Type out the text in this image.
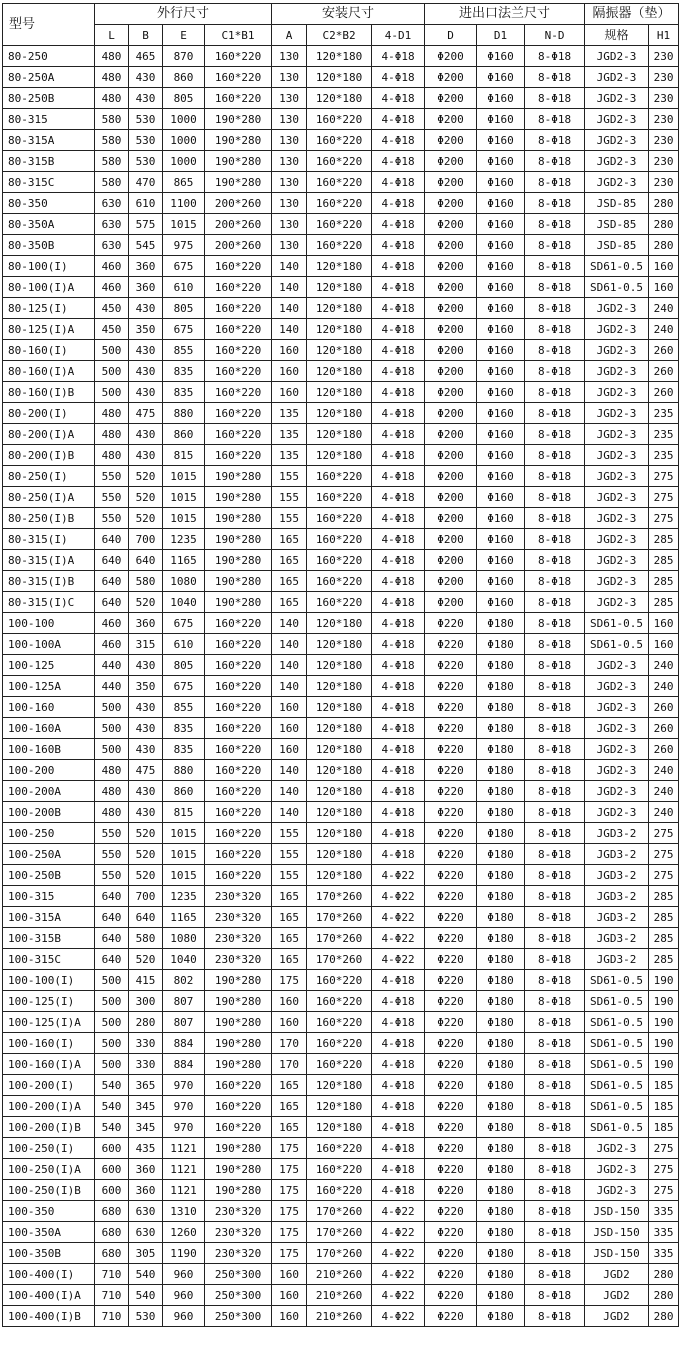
型号	外行尺寸				安装尺寸			进出口法兰尺寸			隔振器（垫）	
	L	B	E	C1*B1	A	C2*B2	4-D1	D	D1	N-D	规格	H1
80-250	480	465	870	160*220	130	120*180	4-Φ18	Φ200	Φ160	8-Φ18	JGD2-3	230
80-250A	480	430	860	160*220	130	120*180	4-Φ18	Φ200	Φ160	8-Φ18	JGD2-3	230
80-250B	480	430	805	160*220	130	120*180	4-Φ18	Φ200	Φ160	8-Φ18	JGD2-3	230
80-315	580	530	1000	190*280	130	160*220	4-Φ18	Φ200	Φ160	8-Φ18	JGD2-3	230
80-315A	580	530	1000	190*280	130	160*220	4-Φ18	Φ200	Φ160	8-Φ18	JGD2-3	230
80-315B	580	530	1000	190*280	130	160*220	4-Φ18	Φ200	Φ160	8-Φ18	JGD2-3	230
80-315C	580	470	865	190*280	130	160*220	4-Φ18	Φ200	Φ160	8-Φ18	JGD2-3	230
80-350	630	610	1100	200*260	130	160*220	4-Φ18	Φ200	Φ160	8-Φ18	JSD-85	280
80-350A	630	575	1015	200*260	130	160*220	4-Φ18	Φ200	Φ160	8-Φ18	JSD-85	280
80-350B	630	545	975	200*260	130	160*220	4-Φ18	Φ200	Φ160	8-Φ18	JSD-85	280
80-100(I)	460	360	675	160*220	140	120*180	4-Φ18	Φ200	Φ160	8-Φ18	SD61-0.5	160
80-100(I)A	460	360	610	160*220	140	120*180	4-Φ18	Φ200	Φ160	8-Φ18	SD61-0.5	160
80-125(I)	450	430	805	160*220	140	120*180	4-Φ18	Φ200	Φ160	8-Φ18	JGD2-3	240
80-125(I)A	450	350	675	160*220	140	120*180	4-Φ18	Φ200	Φ160	8-Φ18	JGD2-3	240
80-160(I)	500	430	855	160*220	160	120*180	4-Φ18	Φ200	Φ160	8-Φ18	JGD2-3	260
80-160(I)A	500	430	835	160*220	160	120*180	4-Φ18	Φ200	Φ160	8-Φ18	JGD2-3	260
80-160(I)B	500	430	835	160*220	160	120*180	4-Φ18	Φ200	Φ160	8-Φ18	JGD2-3	260
80-200(I)	480	475	880	160*220	135	120*180	4-Φ18	Φ200	Φ160	8-Φ18	JGD2-3	235
80-200(I)A	480	430	860	160*220	135	120*180	4-Φ18	Φ200	Φ160	8-Φ18	JGD2-3	235
80-200(I)B	480	430	815	160*220	135	120*180	4-Φ18	Φ200	Φ160	8-Φ18	JGD2-3	235
80-250(I)	550	520	1015	190*280	155	160*220	4-Φ18	Φ200	Φ160	8-Φ18	JGD2-3	275
80-250(I)A	550	520	1015	190*280	155	160*220	4-Φ18	Φ200	Φ160	8-Φ18	JGD2-3	275
80-250(I)B	550	520	1015	190*280	155	160*220	4-Φ18	Φ200	Φ160	8-Φ18	JGD2-3	275
80-315(I)	640	700	1235	190*280	165	160*220	4-Φ18	Φ200	Φ160	8-Φ18	JGD2-3	285
80-315(I)A	640	640	1165	190*280	165	160*220	4-Φ18	Φ200	Φ160	8-Φ18	JGD2-3	285
80-315(I)B	640	580	1080	190*280	165	160*220	4-Φ18	Φ200	Φ160	8-Φ18	JGD2-3	285
80-315(I)C	640	520	1040	190*280	165	160*220	4-Φ18	Φ200	Φ160	8-Φ18	JGD2-3	285
100-100	460	360	675	160*220	140	120*180	4-Φ18	Φ220	Φ180	8-Φ18	SD61-0.5	160
100-100A	460	315	610	160*220	140	120*180	4-Φ18	Φ220	Φ180	8-Φ18	SD61-0.5	160
100-125	440	430	805	160*220	140	120*180	4-Φ18	Φ220	Φ180	8-Φ18	JGD2-3	240
100-125A	440	350	675	160*220	140	120*180	4-Φ18	Φ220	Φ180	8-Φ18	JGD2-3	240
100-160	500	430	855	160*220	160	120*180	4-Φ18	Φ220	Φ180	8-Φ18	JGD2-3	260
100-160A	500	430	835	160*220	160	120*180	4-Φ18	Φ220	Φ180	8-Φ18	JGD2-3	260
100-160B	500	430	835	160*220	160	120*180	4-Φ18	Φ220	Φ180	8-Φ18	JGD2-3	260
100-200	480	475	880	160*220	140	120*180	4-Φ18	Φ220	Φ180	8-Φ18	JGD2-3	240
100-200A	480	430	860	160*220	140	120*180	4-Φ18	Φ220	Φ180	8-Φ18	JGD2-3	240
100-200B	480	430	815	160*220	140	120*180	4-Φ18	Φ220	Φ180	8-Φ18	JGD2-3	240
100-250	550	520	1015	160*220	155	120*180	4-Φ18	Φ220	Φ180	8-Φ18	JGD3-2	275
100-250A	550	520	1015	160*220	155	120*180	4-Φ18	Φ220	Φ180	8-Φ18	JGD3-2	275
100-250B	550	520	1015	160*220	155	120*180	4-Φ22	Φ220	Φ180	8-Φ18	JGD3-2	275
100-315	640	700	1235	230*320	165	170*260	4-Φ22	Φ220	Φ180	8-Φ18	JGD3-2	285
100-315A	640	640	1165	230*320	165	170*260	4-Φ22	Φ220	Φ180	8-Φ18	JGD3-2	285
100-315B	640	580	1080	230*320	165	170*260	4-Φ22	Φ220	Φ180	8-Φ18	JGD3-2	285
100-315C	640	520	1040	230*320	165	170*260	4-Φ22	Φ220	Φ180	8-Φ18	JGD3-2	285
100-100(I)	500	415	802	190*280	175	160*220	4-Φ18	Φ220	Φ180	8-Φ18	SD61-0.5	190
100-125(I)	500	300	807	190*280	160	160*220	4-Φ18	Φ220	Φ180	8-Φ18	SD61-0.5	190
100-125(I)A	500	280	807	190*280	160	160*220	4-Φ18	Φ220	Φ180	8-Φ18	SD61-0.5	190
100-160(I)	500	330	884	190*280	170	160*220	4-Φ18	Φ220	Φ180	8-Φ18	SD61-0.5	190
100-160(I)A	500	330	884	190*280	170	160*220	4-Φ18	Φ220	Φ180	8-Φ18	SD61-0.5	190
100-200(I)	540	365	970	160*220	165	120*180	4-Φ18	Φ220	Φ180	8-Φ18	SD61-0.5	185
100-200(I)A	540	345	970	160*220	165	120*180	4-Φ18	Φ220	Φ180	8-Φ18	SD61-0.5	185
100-200(I)B	540	345	970	160*220	165	120*180	4-Φ18	Φ220	Φ180	8-Φ18	SD61-0.5	185
100-250(I)	600	435	1121	190*280	175	160*220	4-Φ18	Φ220	Φ180	8-Φ18	JGD2-3	275
100-250(I)A	600	360	1121	190*280	175	160*220	4-Φ18	Φ220	Φ180	8-Φ18	JGD2-3	275
100-250(I)B	600	360	1121	190*280	175	160*220	4-Φ18	Φ220	Φ180	8-Φ18	JGD2-3	275
100-350	680	630	1310	230*320	175	170*260	4-Φ22	Φ220	Φ180	8-Φ18	JSD-150	335
100-350A	680	630	1260	230*320	175	170*260	4-Φ22	Φ220	Φ180	8-Φ18	JSD-150	335
100-350B	680	305	1190	230*320	175	170*260	4-Φ22	Φ220	Φ180	8-Φ18	JSD-150	335
100-400(I)	710	540	960	250*300	160	210*260	4-Φ22	Φ220	Φ180	8-Φ18	JGD2	280
100-400(I)A	710	540	960	250*300	160	210*260	4-Φ22	Φ220	Φ180	8-Φ18	JGD2	280
100-400(I)B	710	530	960	250*300	160	210*260	4-Φ22	Φ220	Φ180	8-Φ18	JGD2	280
